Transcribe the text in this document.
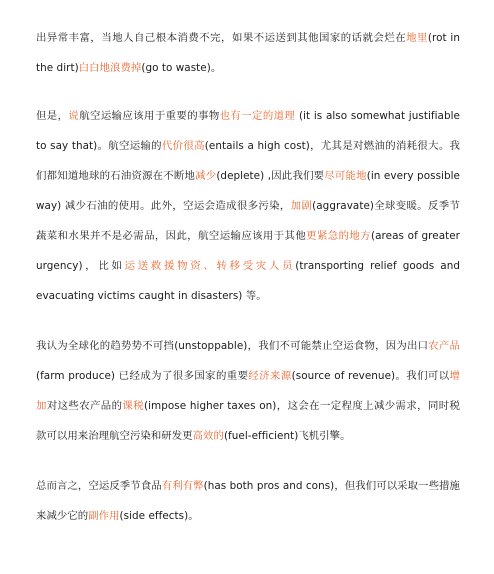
出异常丰富，当地人自己根本消费不完，如果不运送到其他国家的话就会烂在地里(rot in the dirt)白白地浪费掉(go to waste)。

但是，说航空运输应该用于重要的事物也有一定的道理 (it is also somewhat justifiable to say that)。航空运输的代价很高(entails a high cost)，尤其是对燃油的消耗很大。我们都知道地球的石油资源在不断地减少(deplete) ,因此我们要尽可能地(in every possible way) 减少石油的使用。此外，空运会造成很多污染，加剧(aggravate)全球变暖。反季节蔬菜和水果并不是必需品，因此，航空运输应该用于其他更紧急的地方(areas of greater urgency)，比如运送救援物资、转移受灾人员(transporting relief goods and evacuating victims caught in disasters) 等。

我认为全球化的趋势势不可挡(unstoppable)，我们不可能禁止空运食物，因为出口农产品(farm produce) 已经成为了很多国家的重要经济来源(source of revenue)。我们可以增加对这些农产品的课税(impose higher taxes on)，这会在一定程度上减少需求，同时税 款可以用来治理航空污染和研发更高效的(fuel-efficient)飞机引擎。

总而言之，空运反季节食品有利有弊(has both pros and cons)，但我们可以采取一些措施来减少它的副作用(side effects)。
